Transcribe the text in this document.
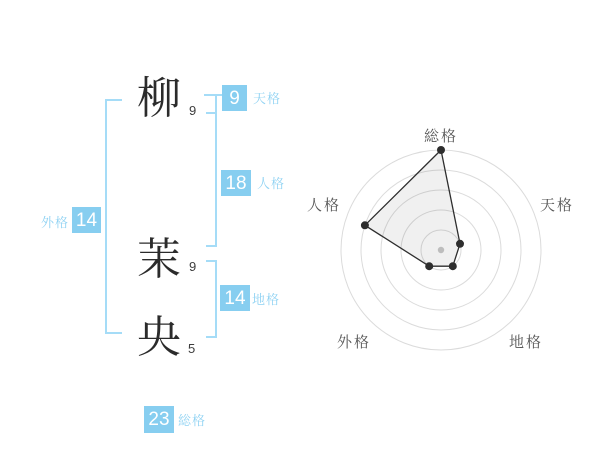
柳
茉
央
9
9
5
9	天格
18 人格
14 地格
外格 14
23 総格
総格
天格
地格
外格
人格
